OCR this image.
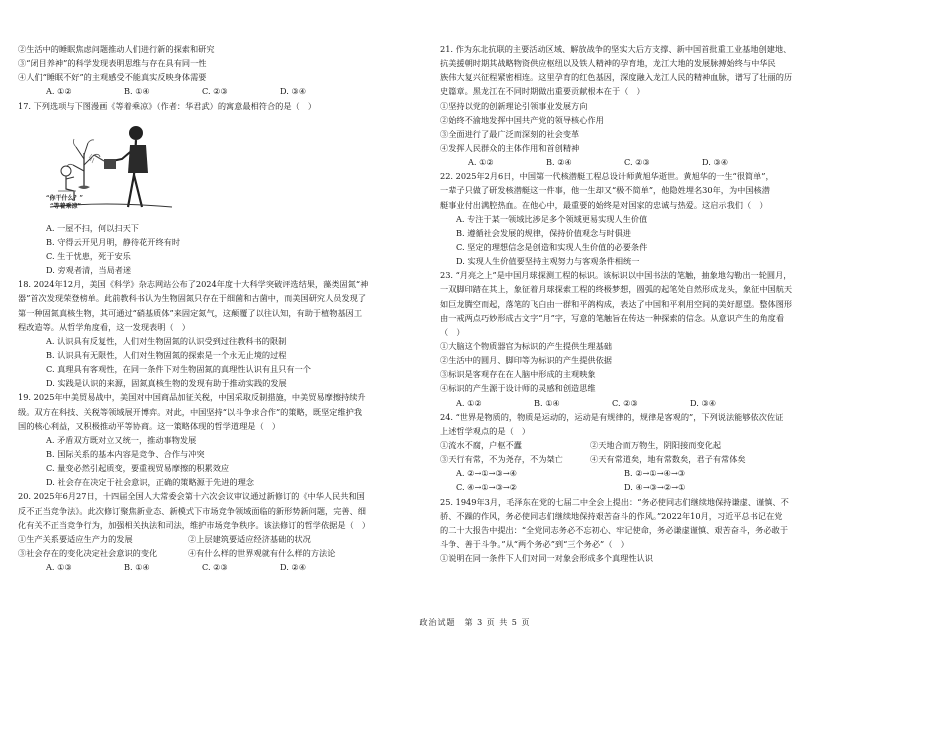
②生活中的睡眠焦虑问题推动人们进行新的探索和研究
③“闭目养神”的科学发现表明思维与存在具有同一性
④人们“睡眠不好”的主观感受不能真实反映身体需要
A. ①②	B. ①④	C. ②③	D. ③④
17. 下列选项与下图漫画《等着乘凉》（作者：华君武）的寓意最相符合的是（　）
“你干什么？”
“等着乘凉”
A. 一屋不扫，何以扫天下
B. 守得云开见月明，静待花开终有时
C. 生于忧患，死于安乐
D. 旁观者清，当局者迷
18. 2024年12月，美国《科学》杂志网站公布了2024年度十大科学突破评选结果，藻类固氮“神
器”首次发现荣登榜单。此前教科书认为生物固氮只存在于细菌和古菌中，而美国研究人员发现了
第一种固氮真核生物，其可通过“硝基质体”来固定氮气，这颠覆了以往认知，有助于植物基因工
程改造等。从哲学角度看，这一发现表明（　）
A. 认识具有反复性，人们对生物固氮的认识受到过往教科书的限制
B. 认识具有无限性，人们对生物固氮的探索是一个永无止境的过程
C. 真理具有客观性，在同一条件下对生物固氮的真理性认识有且只有一个
D. 实践是认识的来源，固氮真核生物的发现有助于推动实践的发展
19. 2025年中美贸易战中，美国对中国商品加征关税，中国采取反制措施，中美贸易摩擦持续升
级。双方在科技、关税等领域展开博弈。对此，中国坚持“以斗争求合作”的策略，既坚定维护我
国的核心利益，又积极推动平等协商。这一策略体现的哲学道理是（　）
A. 矛盾双方既对立又统一，推动事物发展
B. 国际关系的基本内容是竞争、合作与冲突
C. 量变必然引起质变，要重视贸易摩擦的积累效应
D. 社会存在决定于社会意识，正确的策略源于先进的理念
20. 2025年6月27日，十四届全国人大常委会第十六次会议审议通过新修订的《中华人民共和国
反不正当竞争法》。此次修订聚焦新业态、新模式下市场竞争领域面临的新形势新问题，完善、细
化有关不正当竞争行为，加强相关执法和司法，维护市场竞争秩序。该法修订的哲学依据是（　）
①生产关系要适应生产力的发展	②上层建筑要适应经济基础的状况
③社会存在的变化决定社会意识的变化	④有什么样的世界观就有什么样的方法论
A. ①③	B. ①④	C. ②③	D. ②④
21. 作为东北抗联的主要活动区域、解放战争的坚实大后方支撑、新中国首批重工业基地创建地、
抗美援朝时期其战略物资供应枢纽以及铁人精神的孕育地，龙江大地的发展脉搏始终与中华民
族伟大复兴征程紧密相连。这里孕育的红色基因，深度融入龙江人民的精神血脉，谱写了壮丽的历
史篇章。黑龙江在不同时期做出重要贡献根本在于（　）
①坚持以党的创新理论引领事业发展方向
②始终不渝地发挥中国共产党的领导核心作用
③全面进行了最广泛而深刻的社会变革
④发挥人民群众的主体作用和首创精神
A. ①②	B. ②④	C. ②③	D. ③④
22. 2025年2月6日，中国第一代核潜艇工程总设计师黄旭华逝世。黄旭华的一生“很简单”，
一辈子只做了研发核潜艇这一件事，他一生却又“极不简单”，他隐姓埋名30年，为中国核潜
艇事业付出满腔热血。在他心中，最重要的始终是对国家的忠诚与热爱。这启示我们（　）
A. 专注于某一领域比涉足多个领域更易实现人生价值
B. 遵循社会发展的规律，保持价值观念与时俱进
C. 坚定的理想信念是创造和实现人生价值的必要条件
D. 实现人生价值要坚持主观努力与客观条件相统一
23. “月亮之上”是中国月球探测工程的标识。该标识以中国书法的笔触，抽象地勾勒出一轮圆月，
一双脚印踏在其上，象征着月球探索工程的终极梦想，圆弧的起笔处自然形成龙头，象征中国航天
如巨龙腾空而起，落笔的飞白由一群和平鸽构成，表达了中国和平利用空间的美好愿望。整体图形
由一戒两点巧妙形成古文字“月”字，写意的笔触旨在传达一种探索的信念。从意识产生的角度看
（　）
①大脑这个物质器官为标识的产生提供生理基础
②生活中的圆月、脚印等为标识的产生提供依据
③标识是客观存在在人脑中形成的主观映象
④标识的产生源于设计师的灵感和创造思维
A. ①②	B. ①④	C. ②③	D. ③④
24. “世界是物质的，物质是运动的，运动是有规律的，规律是客观的”，下列说法能够依次佐证
上述哲学观点的是（　）
①流水不腐，户枢不蠹	②天地合而万物生，阴阳接而变化起
③天行有常，不为尧存，不为桀亡	④天有常道矣，地有常数矣，君子有常体矣
A. ②→①→③→④	B. ②→①→④→③
C. ④→①→③→②	D. ④→③→②→①
25. 1949年3月，毛泽东在党的七届二中全会上提出：“务必使同志们继续地保持谦虚、谨慎、不
骄、不躁的作风，务必使同志们继续地保持艰苦奋斗的作风。”2022年10月，习近平总书记在党
的二十大报告中提出：“全党同志务必不忘初心、牢记使命，务必谦虚谨慎、艰苦奋斗，务必敢于
斗争、善于斗争。”从“两个务必”到“三个务必”（　）
①说明在同一条件下人们对同一对象会形成多个真理性认识
政治试题　第 3 页 共 5 页
